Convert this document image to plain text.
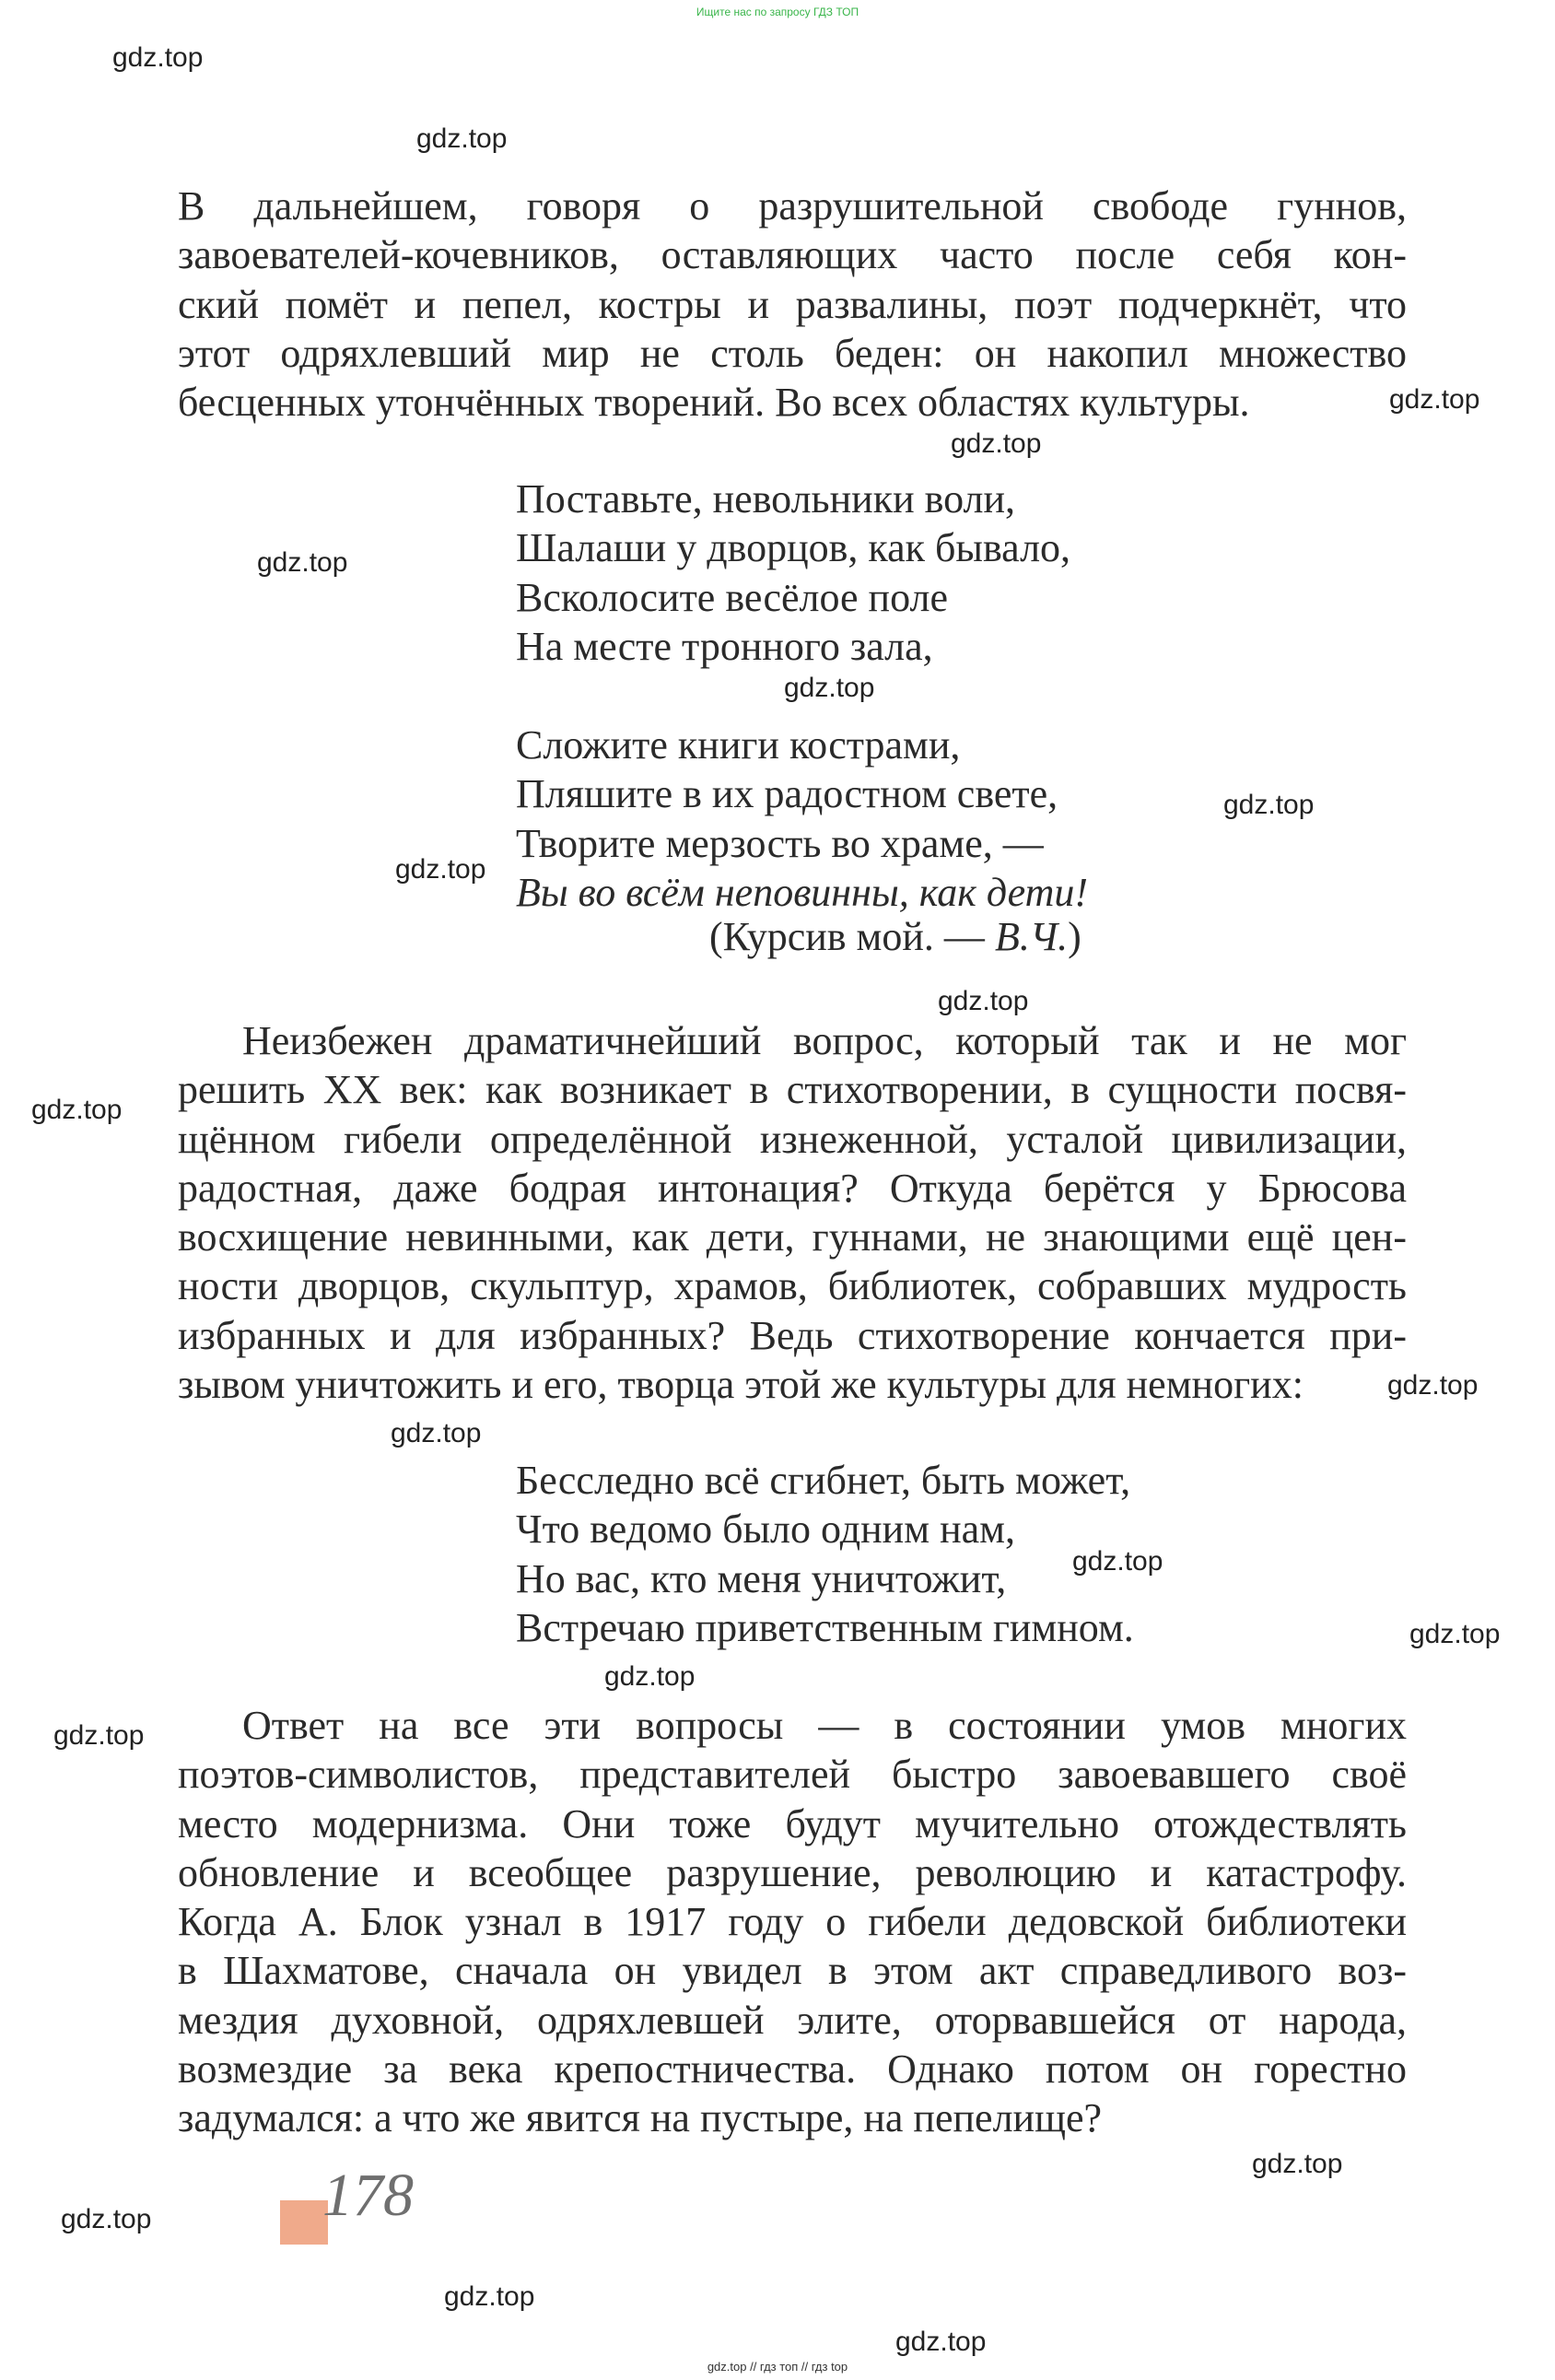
Ищите нас по запросу ГДЗ ТОП
gdz.top
gdz.top
gdz.top
gdz.top
gdz.top
gdz.top
gdz.top
gdz.top
gdz.top
gdz.top
gdz.top
gdz.top
gdz.top
gdz.top
gdz.top
gdz.top
gdz.top
gdz.top
gdz.top
gdz.top
В дальнейшем, говоря о разрушительной свободе гуннов,
завоевателей-кочевников, оставляющих часто после себя кон-
ский помёт и пепел, костры и развалины, поэт подчеркнёт, что
этот одряхлевший мир не столь беден: он накопил множество
бесценных утончённых творений. Во всех областях культуры.
Поставьте, невольники воли,
Шалаши у дворцов, как бывало,
Всколосите весёлое поле
На месте тронного зала,
Сложите книги кострами,
Пляшите в их радостном свете,
Творите мерзость во храме, —
Вы во всём неповинны, как дети!
(Курсив мой. — В.Ч.)
Неизбежен драматичнейший вопрос, который так и не мог
решить XX век: как возникает в стихотворении, в сущности посвя-
щённом гибели определённой изнеженной, усталой цивилизации,
радостная, даже бодрая интонация? Откуда берётся у Брюсова
восхищение невинными, как дети, гуннами, не знающими ещё цен-
ности дворцов, скульптур, храмов, библиотек, собравших мудрость
избранных и для избранных? Ведь стихотворение кончается при-
зывом уничтожить и его, творца этой же культуры для немногих:
Бесследно всё сгибнет, быть может,
Что ведомо было одним нам,
Но вас, кто меня уничтожит,
Встречаю приветственным гимном.
Ответ на все эти вопросы — в состоянии умов многих
поэтов-символистов, представителей быстро завоевавшего своё
место модернизма. Они тоже будут мучительно отождествлять
обновление и всеобщее разрушение, революцию и катастрофу.
Когда А. Блок узнал в 1917 году о гибели дедовской библиотеки
в Шахматове, сначала он увидел в этом акт справедливого воз-
мездия духовной, одряхлевшей элите, оторвавшейся от народа,
возмездие за века крепостничества. Однако потом он горестно
задумался: а что же явится на пустыре, на пепелище?
178
gdz.top // гдз топ // гдз top
